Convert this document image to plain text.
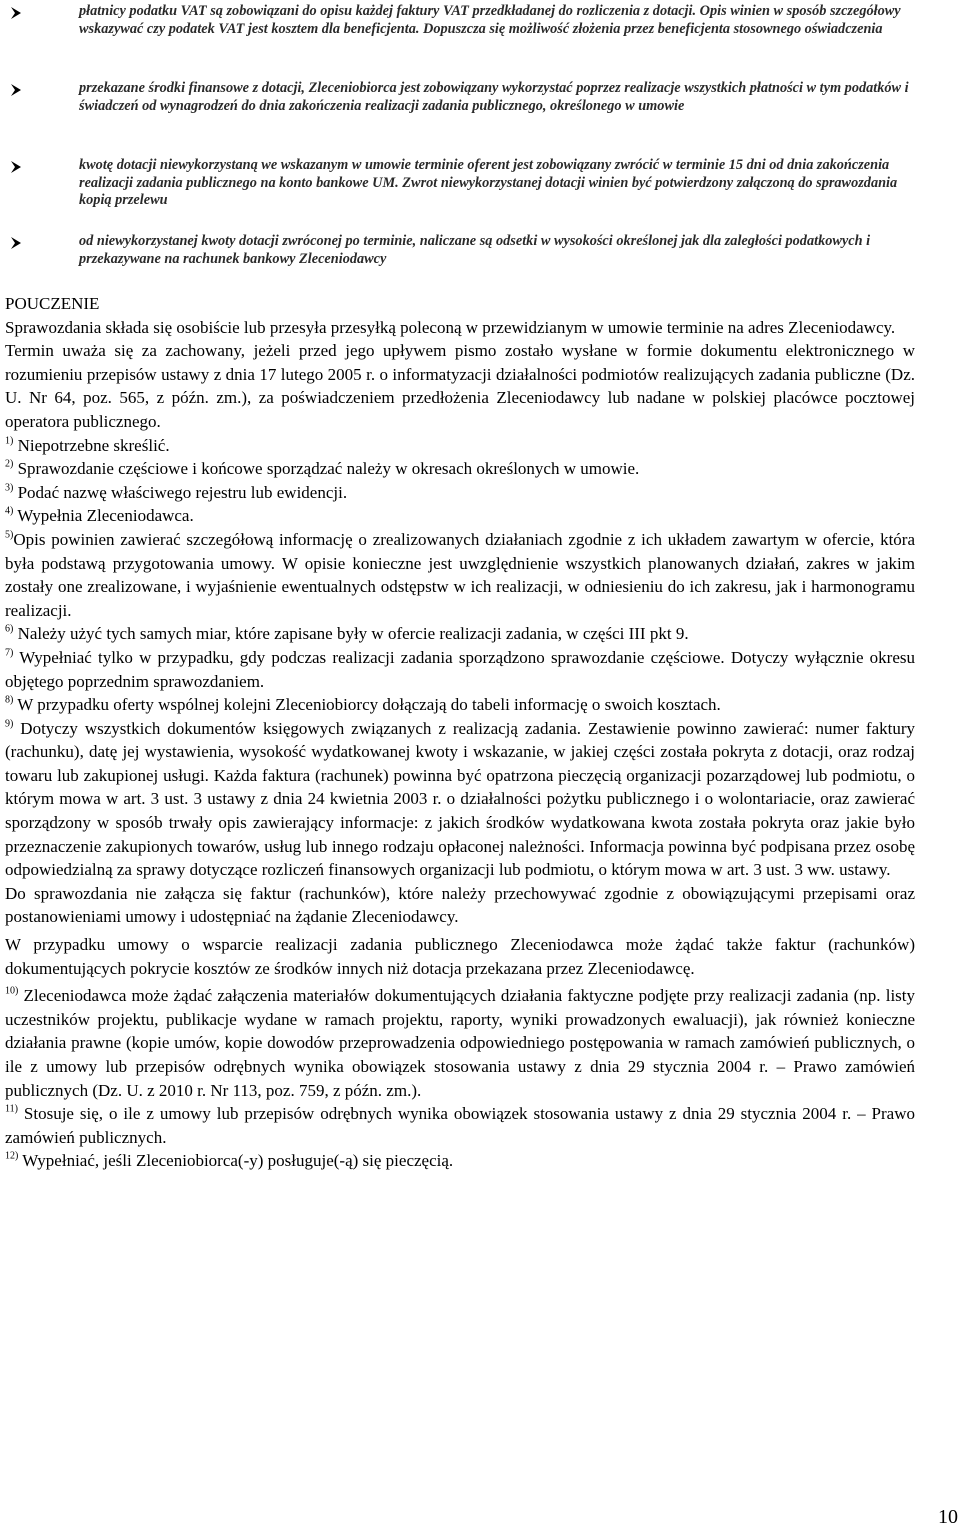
płatnicy podatku VAT są zobowiązani do opisu każdej faktury VAT przedkładanej do rozliczenia z dotacji. Opis winien w sposób szczegółowy wskazywać czy podatek VAT jest kosztem dla beneficjenta. Dopuszcza się możliwość złożenia przez beneficjenta stosownego oświadczenia
przekazane środki finansowe z dotacji, Zleceniobiorca jest zobowiązany wykorzystać poprzez realizacje wszystkich płatności w tym podatków i świadczeń od wynagrodzeń do dnia zakończenia realizacji zadania publicznego, określonego w umowie
kwotę dotacji niewykorzystaną we wskazanym w umowie terminie oferent jest zobowiązany zwrócić w terminie 15 dni od dnia zakończenia realizacji zadania publicznego na konto bankowe UM. Zwrot niewykorzystanej dotacji winien być potwierdzony załączoną do sprawozdania kopią przelewu
od niewykorzystanej kwoty dotacji zwróconej po terminie, naliczane są odsetki w wysokości określonej jak dla zaległości podatkowych i przekazywane na rachunek bankowy Zleceniodawcy

POUCZENIE

Sprawozdania składa się osobiście lub przesyła przesyłką poleconą w przewidzianym w umowie terminie na adres Zleceniodawcy.

Termin uważa się za zachowany, jeżeli przed jego upływem pismo zostało wysłane w formie dokumentu elektronicznego w rozumieniu przepisów ustawy z dnia 17 lutego 2005 r. o informatyzacji działalności podmiotów realizujących zadania publiczne (Dz. U. Nr 64, poz. 565, z późn. zm.), za poświadczeniem przedłożenia Zleceniodawcy lub nadane w polskiej placówce pocztowej operatora publicznego.

$^{1)}$ Niepotrzebne skreślić.

$^{2)}$ Sprawozdanie częściowe i końcowe sporządzać należy w okresach określonych w umowie.

$^{3)}$ Podać nazwę właściwego rejestru lub ewidencji.

$^{4)}$ Wypełnia Zleceniodawca.

$^{5)}$Opis powinien zawierać szczegółową informację o zrealizowanych działaniach zgodnie z ich układem zawartym w ofercie, która była podstawą przygotowania umowy. W opisie konieczne jest uwzględnienie wszystkich planowanych działań, zakres w jakim zostały one zrealizowane, i wyjaśnienie ewentualnych odstępstw w ich realizacji, w odniesieniu do ich zakresu, jak i harmonogramu realizacji.

$^{6)}$ Należy użyć tych samych miar, które zapisane były w ofercie realizacji zadania, w części III pkt 9.

$^{7)}$ Wypełniać tylko w przypadku, gdy podczas realizacji zadania sporządzono sprawozdanie częściowe. Dotyczy wyłącznie okresu objętego poprzednim sprawozdaniem.

$^{8)}$ W przypadku oferty wspólnej kolejni Zleceniobiorcy dołączają do tabeli informację o swoich kosztach.

$^{9)}$ Dotyczy wszystkich dokumentów księgowych związanych z realizacją zadania. Zestawienie powinno zawierać: numer faktury (rachunku), datę jej wystawienia, wysokość wydatkowanej kwoty i wskazanie, w jakiej części została pokryta z dotacji, oraz rodzaj towaru lub zakupionej usługi. Każda faktura (rachunek) powinna być opatrzona pieczęcią organizacji pozarządowej lub podmiotu, o którym mowa w art. 3 ust. 3 ustawy z dnia 24 kwietnia 2003 r. o działalności pożytku publicznego i o wolontariacie, oraz zawierać sporządzony w sposób trwały opis zawierający informacje: z jakich środków wydatkowana kwota została pokryta oraz jakie było przeznaczenie zakupionych towarów, usług lub innego rodzaju opłaconej należności. Informacja powinna być podpisana przez osobę odpowiedzialną za sprawy dotyczące rozliczeń finansowych organizacji lub podmiotu, o którym mowa w art. 3 ust. 3 ww. ustawy.

Do sprawozdania nie załącza się faktur (rachunków), które należy przechowywać zgodnie z obowiązującymi przepisami oraz postanowieniami umowy i udostępniać na żądanie Zleceniodawcy.

W przypadku umowy o wsparcie realizacji zadania publicznego Zleceniodawca może żądać także faktur (rachunków) dokumentujących pokrycie kosztów ze środków innych niż dotacja przekazana przez Zleceniodawcę.

$^{10)}$ Zleceniodawca może żądać załączenia materiałów dokumentujących działania faktyczne podjęte przy realizacji zadania (np. listy uczestników projektu, publikacje wydane w ramach projektu, raporty, wyniki prowadzonych ewaluacji), jak również konieczne działania prawne (kopie umów, kopie dowodów przeprowadzenia odpowiedniego postępowania w ramach zamówień publicznych, o ile z umowy lub przepisów odrębnych wynika obowiązek stosowania ustawy z dnia 29 stycznia 2004 r. – Prawo zamówień publicznych (Dz. U. z 2010 r. Nr 113, poz. 759, z późn. zm.).

$^{11)}$ Stosuje się, o ile z umowy lub przepisów odrębnych wynika obowiązek stosowania ustawy z dnia 29 stycznia 2004 r. – Prawo zamówień publicznych.

$^{12)}$ Wypełniać, jeśli Zleceniobiorca(-y) posługuje(-ą) się pieczęcią.

10
